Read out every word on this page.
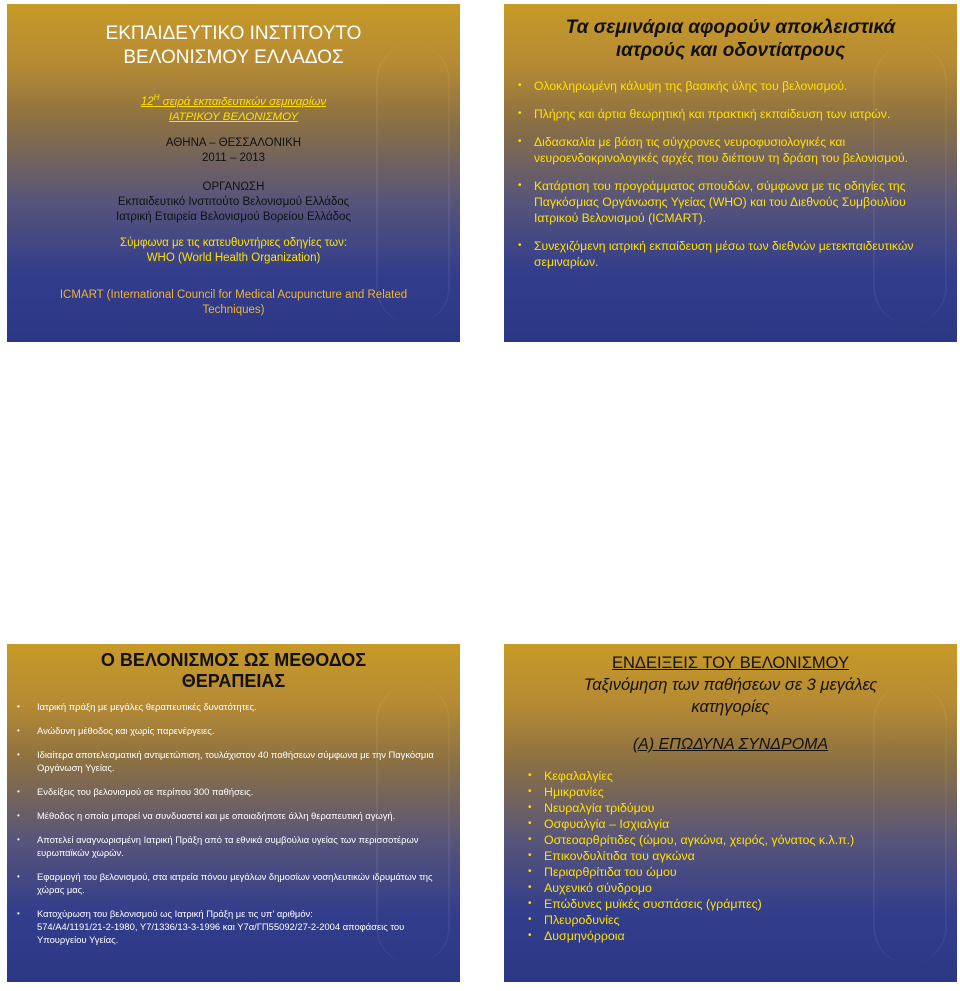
ΕΚΠΑΙΔΕΥΤΙΚΟ ΙΝΣΤΙΤΟΥΤΟ
ΒΕΛΟΝΙΣΜΟΥ ΕΛΛΑΔΟΣ
$12^H$ σειρά εκπαιδευτικών σεμιναρίων
ΙΑΤΡΙΚΟΥ ΒΕΛΟΝΙΣΜΟΥ
ΑΘΗΝΑ – ΘΕΣΣΑΛΟΝΙΚΗ
2011 – 2013
ΟΡΓΑΝΩΣΗ
Εκπαιδευτικό Ινστιτούτο Βελονισμού Ελλάδος
Ιατρική Εταιρεία Βελονισμού Βορείου Ελλάδος
Σύμφωνα με τις κατευθυντήριες οδηγίες των:
WHO (World Health Organization)
ICMART (International Council for Medical Acupuncture and Related Techniques)
Τα σεμινάρια αφορούν αποκλειστικά
ιατρούς και οδοντίατρους
• Ολοκληρωμένη κάλυψη της βασικής ύλης του βελονισμού.
• Πλήρης και άρτια θεωρητική και πρακτική εκπαίδευση των ιατρών.
• Διδασκαλία με βάση τις σύγχρονες νευροφυσιολογικές και νευροενδοκρινολογικές αρχές που διέπουν τη δράση του βελονισμού.
• Κατάρτιση του προγράμματος σπουδών, σύμφωνα με τις οδηγίες της Παγκόσμιας Οργάνωσης Υγείας (WHO) και του Διεθνούς Συμβουλίου Ιατρικού Βελονισμού (ICMART).
• Συνεχιζόμενη ιατρική εκπαίδευση μέσω των διεθνών μετεκπαιδευτικών σεμιναρίων.
Ο ΒΕΛΟΝΙΣΜΟΣ ΩΣ ΜΕΘΟΔΟΣ
ΘΕΡΑΠΕΙΑΣ
• Ιατρική πράξη με μεγάλες θεραπευτικές δυνατότητες.
• Ανώδυνη μέθοδος και χωρίς παρενέργειες.
• Ιδιαίτερα αποτελεσματική αντιμετώπιση, τουλάχιστον 40 παθήσεων σύμφωνα με την Παγκόσμια Οργάνωση Υγείας.
• Ενδείξεις του βελονισμού σε περίπου 300 παθήσεις.
• Μέθοδος η οποία μπορεί να συνδυαστεί και με οποιαδήποτε άλλη θεραπευτική αγωγή.
• Αποτελεί αναγνωρισμένη Ιατρική Πράξη από τα εθνικά συμβούλια υγείας των περισσοτέρων ευρωπαϊκών χωρών.
• Εφαρμογή του βελονισμού, στα ιατρεία πόνου μεγάλων δημοσίων νοσηλευτικών ιδρυμάτων της χώρας μας.
• Κατοχύρωση του βελονισμού ως Ιατρική Πράξη με τις υπ' αριθμόν:
574/Α4/1191/21-2-1980, Υ7/1336/13-3-1996 και Υ7α/ΓΠ55092/27-2-2004 αποφάσεις του Υπουργείου Υγείας.
ΕΝΔΕΙΞΕΙΣ ΤΟΥ ΒΕΛΟΝΙΣΜΟΥ
Ταξινόμηση των παθήσεων σε 3 μεγάλες
κατηγορίες
(Α) ΕΠΩΔΥΝΑ ΣΥΝΔΡΟΜΑ
• Κεφαλαλγίες
• Ημικρανίες
• Νευραλγία τριδύμου
• Οσφυαλγία – Ισχιαλγία
• Οστεοαρθρίτιδες (ώμου, αγκώνα, χειρός, γόνατος κ.λ.π.)
• Επικονδυλίτιδα του αγκώνα
• Περιαρθρίτιδα του ώμου
• Αυχενικό σύνδρομο
• Επώδυνες μυϊκές συσπάσεις (γράμπες)
• Πλευροδυνίες
• Δυσμηνόρροια
